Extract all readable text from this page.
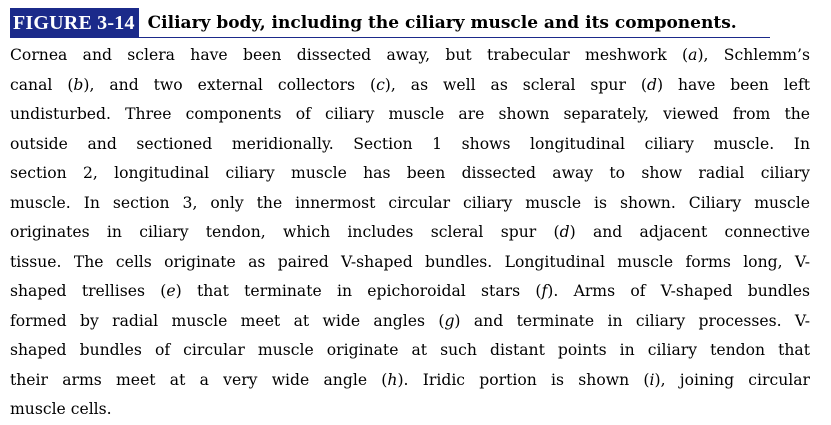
FIGURE 3-14 Ciliary body, including the ciliary muscle and its components.
Cornea and sclera have been dissected away, but trabecular meshwork (a), Schlemm’s
canal (b), and two external collectors (c), as well as scleral spur (d) have been left
undisturbed. Three components of ciliary muscle are shown separately, viewed from the
outside and sectioned meridionally. Section 1 shows longitudinal ciliary muscle. In
section 2, longitudinal ciliary muscle has been dissected away to show radial ciliary
muscle. In section 3, only the innermost circular ciliary muscle is shown. Ciliary muscle
originates in ciliary tendon, which includes scleral spur (d) and adjacent connective
tissue. The cells originate as paired V-shaped bundles. Longitudinal muscle forms long, V-
shaped trellises (e) that terminate in epichoroidal stars (f). Arms of V-shaped bundles
formed by radial muscle meet at wide angles (g) and terminate in ciliary processes. V-
shaped bundles of circular muscle originate at such distant points in ciliary tendon that
their arms meet at a very wide angle (h). Iridic portion is shown (i), joining circular
muscle cells.
